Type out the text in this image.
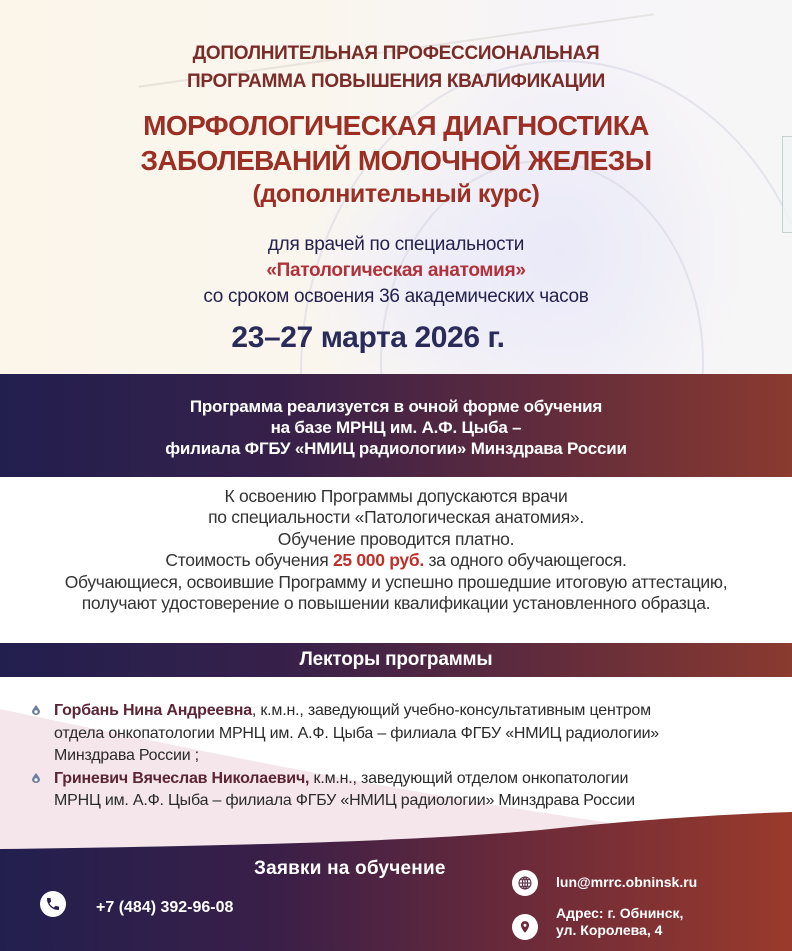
ДОПОЛНИТЕЛЬНАЯ ПРОФЕССИОНАЛЬНАЯ
ПРОГРАММА ПОВЫШЕНИЯ КВАЛИФИКАЦИИ
МОРФОЛОГИЧЕСКАЯ ДИАГНОСТИКА
ЗАБОЛЕВАНИЙ МОЛОЧНОЙ ЖЕЛЕЗЫ
(дополнительный курс)
для врачей по специальности
«Патологическая анатомия»
со сроком освоения 36 академических часов
23–27 марта 2026 г.
Программа реализуется в очной форме обучения
на базе МРНЦ им. А.Ф. Цыба –
филиала ФГБУ «НМИЦ радиологии» Минздрава России
К освоению Программы допускаются врачи
по специальности «Патологическая анатомия».
Обучение проводится платно.
Стоимость обучения 25 000 руб. за одного обучающегося.
Обучающиеся, освоившие Программу и успешно прошедшие итоговую аттестацию,
получают удостоверение о повышении квалификации установленного образца.
Лекторы программы
Горбань Нина Андреевна, к.м.н., заведующий учебно-консультативным центром
отдела онкопатологии МРНЦ им. А.Ф. Цыба – филиала ФГБУ «НМИЦ радиологии»
Минздрава России ;
Гриневич Вячеслав Николаевич, к.м.н., заведующий отделом онкопатологии
МРНЦ им. А.Ф. Цыба – филиала ФГБУ «НМИЦ радиологии» Минздрава России
Заявки на обучение
+7 (484) 392-96-08
lun@mrrc.obninsk.ru
Адрес: г. Обнинск,
ул. Королева, 4
